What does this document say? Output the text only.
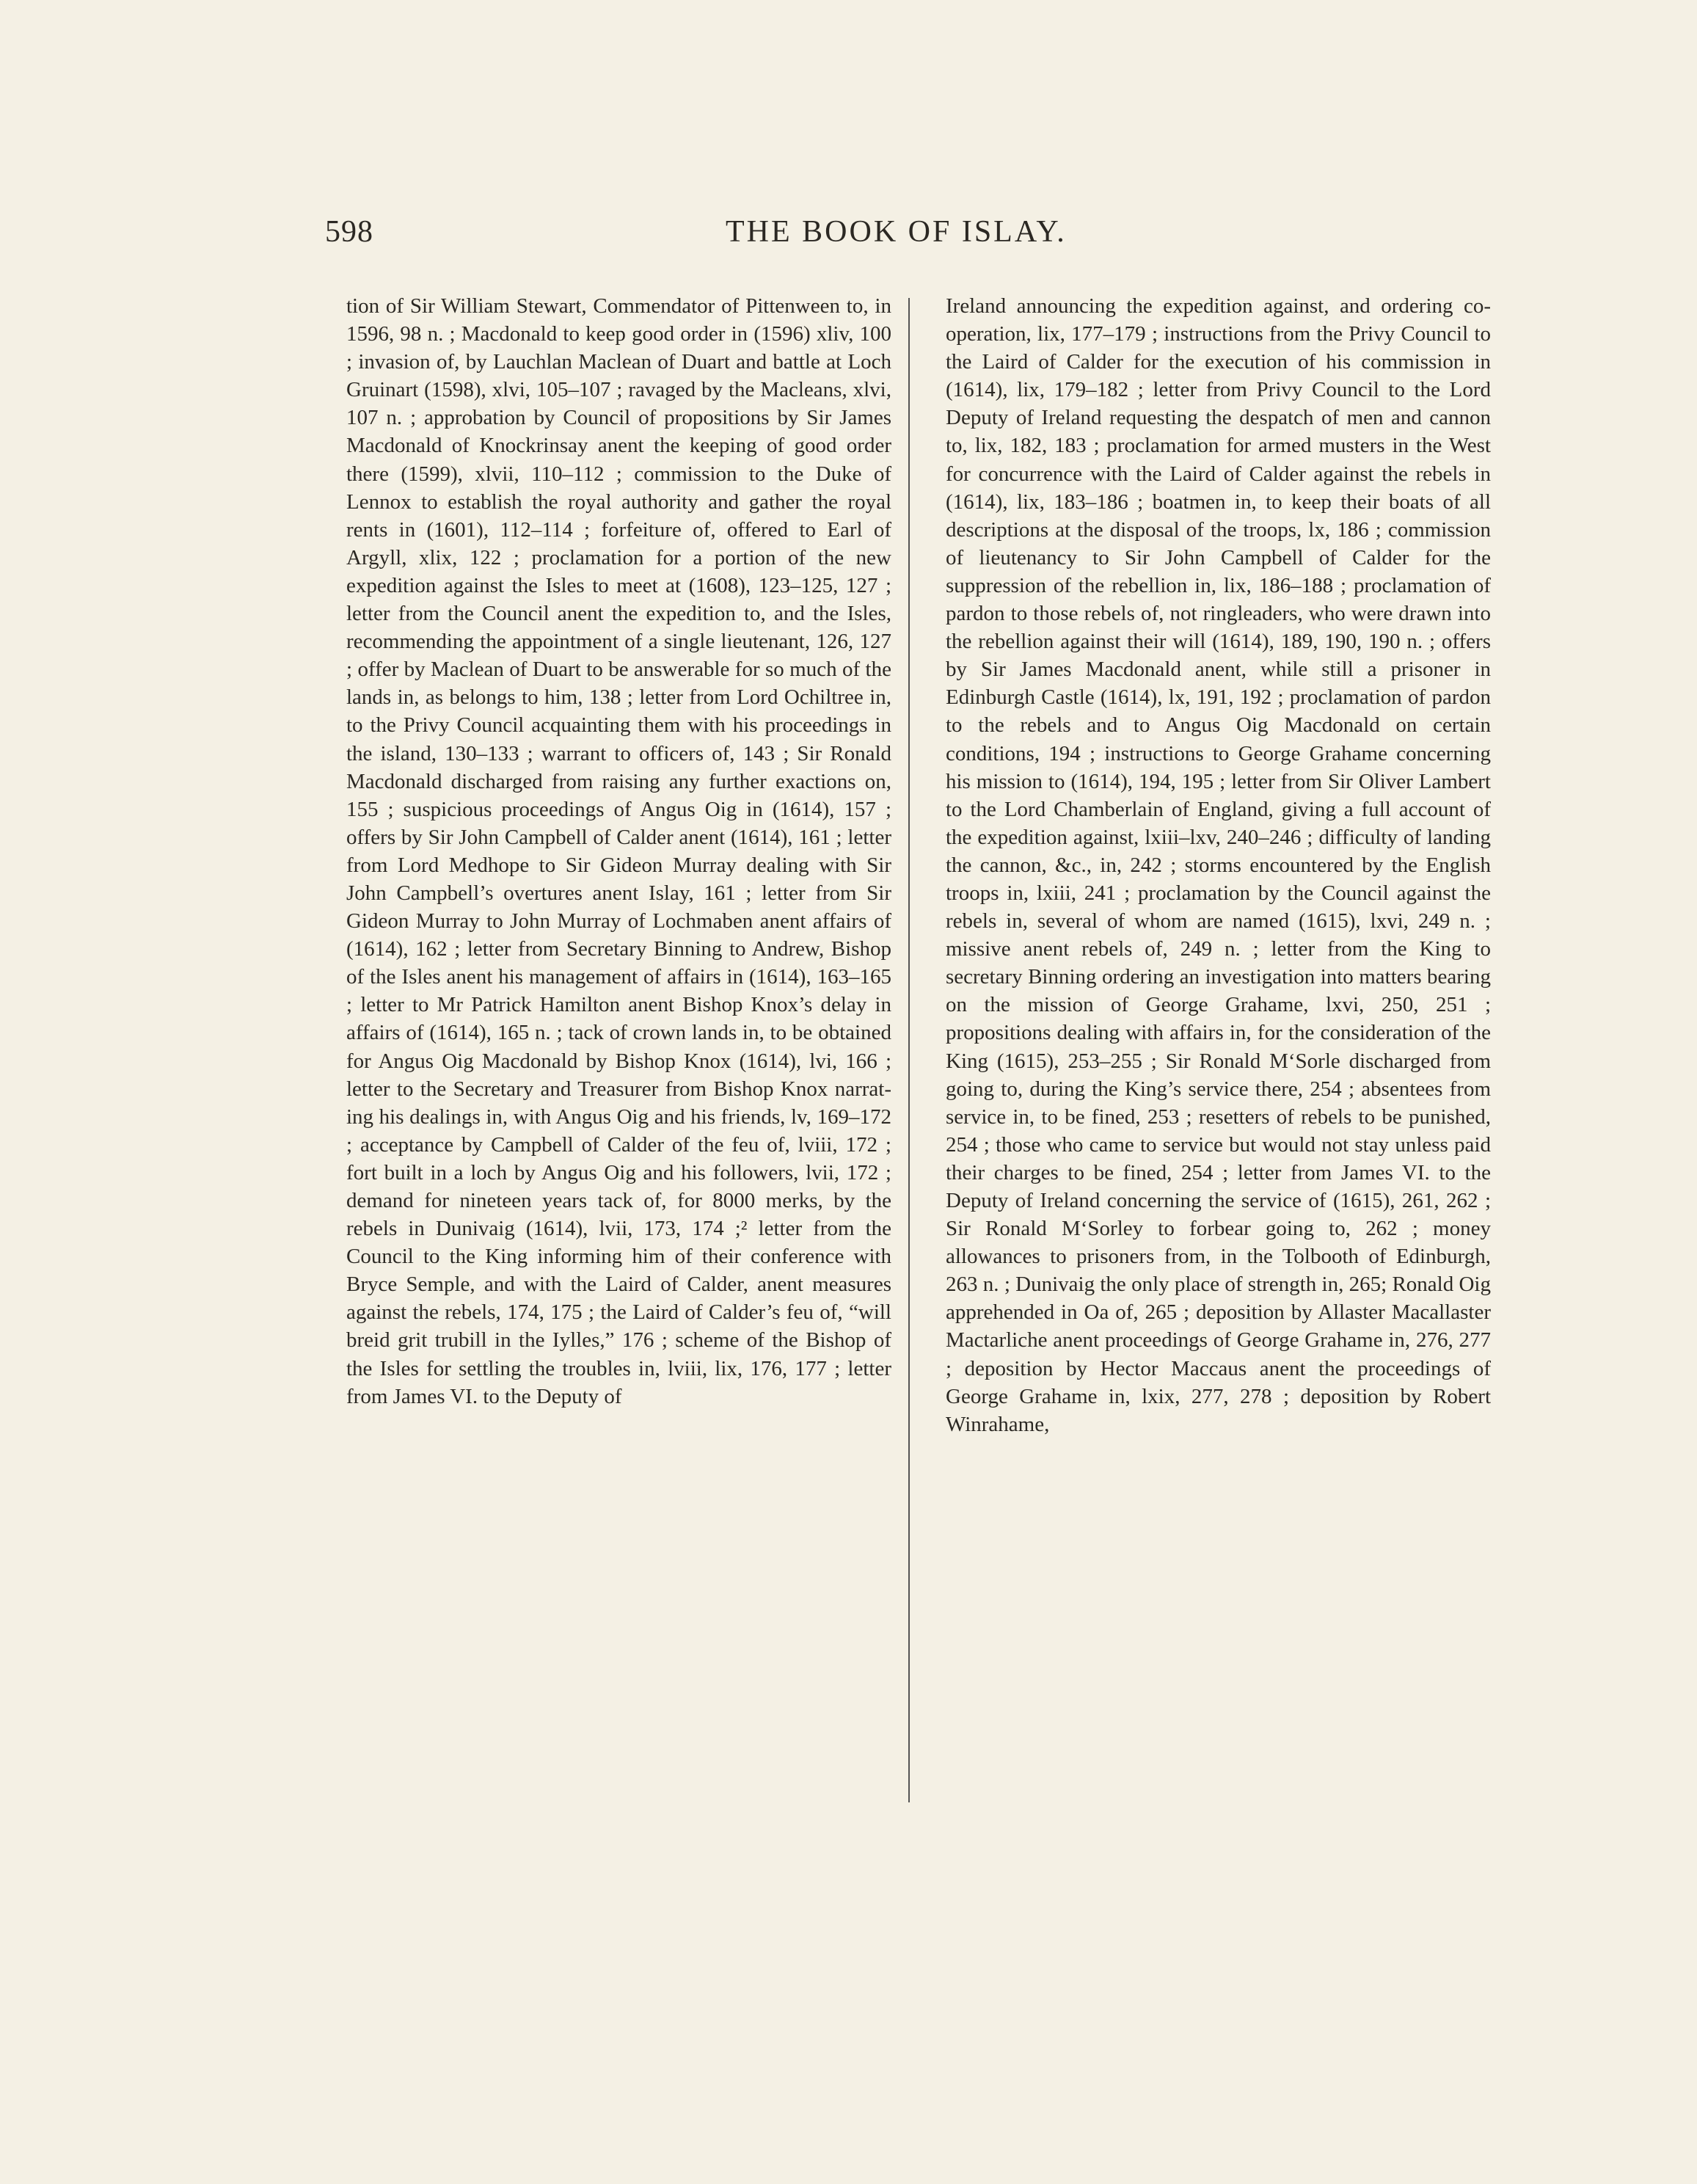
598	THE BOOK OF ISLAY.
tion of Sir William Stewart, Commendator of Pittenween to, in 1596, 98 n. ; Macdonald to keep good order in (1596) xliv, 100 ; invasion of, by Lauchlan Maclean of Duart and battle at Loch Gruinart (1598), xlvi, 105–107 ; ravaged by the Macleans, xlvi, 107 n. ; approbation by Council of propositions by Sir James Macdonald of Knockrinsay anent the keeping of good order there (1599), xlvii, 110–112 ; commission to the Duke of Lennox to establish the royal authority and gather the royal rents in (1601), 112–114 ; forfeiture of, offered to Earl of Argyll, xlix, 122 ; proclamation for a portion of the new expedition against the Isles to meet at (1608), 123–125, 127 ; letter from the Council anent the expedition to, and the Isles, recommending the appointment of a single lieutenant, 126, 127 ; offer by Maclean of Duart to be answerable for so much of the lands in, as belongs to him, 138 ; letter from Lord Ochiltree in, to the Privy Council acquainting them with his proceedings in the island, 130–133 ; warrant to officers of, 143 ; Sir Ronald Macdonald discharged from raising any further exactions on, 155 ; suspicious proceedings of Angus Oig in (1614), 157 ; offers by Sir John Campbell of Calder anent (1614), 161 ; letter from Lord Medhope to Sir Gideon Murray dealing with Sir John Campbell’s overtures anent Islay, 161 ; letter from Sir Gideon Murray to John Murray of Lochmaben anent affairs of (1614), 162 ; letter from Secretary Binning to Andrew, Bishop of the Isles anent his management of affairs in (1614), 163–165 ; letter to Mr Patrick Hamilton anent Bishop Knox’s delay in affairs of (1614), 165 n. ; tack of crown lands in, to be obtained for Angus Oig Macdonald by Bishop Knox (1614), lvi, 166 ; letter to the Secretary and Treasurer from Bishop Knox narrating his dealings in, with Angus Oig and his friends, lv, 169–172 ; acceptance by Campbell of Calder of the feu of, lviii, 172 ; fort built in a loch by Angus Oig and his followers, lvii, 172 ; demand for nineteen years tack of, for 8000 merks, by the rebels in Dunivaig (1614), lvii, 173, 174 ;² letter from the Council to the King informing him of their conference with Bryce Semple, and with the Laird of Calder, anent measures against the rebels, 174, 175 ; the Laird of Calder’s feu of, “will breid grit trubill in the Iylles,” 176 ; scheme of the Bishop of the Isles for settling the troubles in, lviii, lix, 176, 177 ; letter from James VI. to the Deputy of
Ireland announcing the expedition against, and ordering co-operation, lix, 177–179 ; instructions from the Privy Council to the Laird of Calder for the execution of his commission in (1614), lix, 179–182 ; letter from Privy Council to the Lord Deputy of Ireland requesting the despatch of men and cannon to, lix, 182, 183 ; proclamation for armed musters in the West for concurrence with the Laird of Calder against the rebels in (1614), lix, 183–186 ; boatmen in, to keep their boats of all descriptions at the disposal of the troops, lx, 186 ; commission of lieutenancy to Sir John Campbell of Calder for the suppression of the rebellion in, lix, 186–188 ; proclamation of pardon to those rebels of, not ringleaders, who were drawn into the rebellion against their will (1614), 189, 190, 190 n. ; offers by Sir James Macdonald anent, while still a prisoner in Edinburgh Castle (1614), lx, 191, 192 ; proclamation of pardon to the rebels and to Angus Oig Macdonald on certain conditions, 194 ; instructions to George Grahame concerning his mission to (1614), 194, 195 ; letter from Sir Oliver Lambert to the Lord Chamberlain of England, giving a full account of the expedition against, lxiii–lxv, 240–246 ; difficulty of landing the cannon, &c., in, 242 ; storms encountered by the English troops in, lxiii, 241 ; proclamation by the Council against the rebels in, several of whom are named (1615), lxvi, 249 n. ; missive anent rebels of, 249 n. ; letter from the King to secretary Binning ordering an investigation into matters bearing on the mission of George Grahame, lxvi, 250, 251 ; propositions dealing with affairs in, for the consideration of the King (1615), 253–255 ; Sir Ronald M‘Sorle discharged from going to, during the King’s service there, 254 ; absentees from service in, to be fined, 253 ; resetters of rebels to be punished, 254 ; those who came to service but would not stay unless paid their charges to be fined, 254 ; letter from James VI. to the Deputy of Ireland concerning the service of (1615), 261, 262 ; Sir Ronald M‘Sorley to forbear going to, 262 ; money allowances to prisoners from, in the Tolbooth of Edinburgh, 263 n. ; Dunivaig the only place of strength in, 265; Ronald Oig apprehended in Oa of, 265 ; deposition by Allaster Macallaster Mactarliche anent proceedings of George Grahame in, 276, 277 ; deposition by Hector Maccaus anent the proceedings of George Grahame in, lxix, 277, 278 ; deposition by Robert Winrahame,
